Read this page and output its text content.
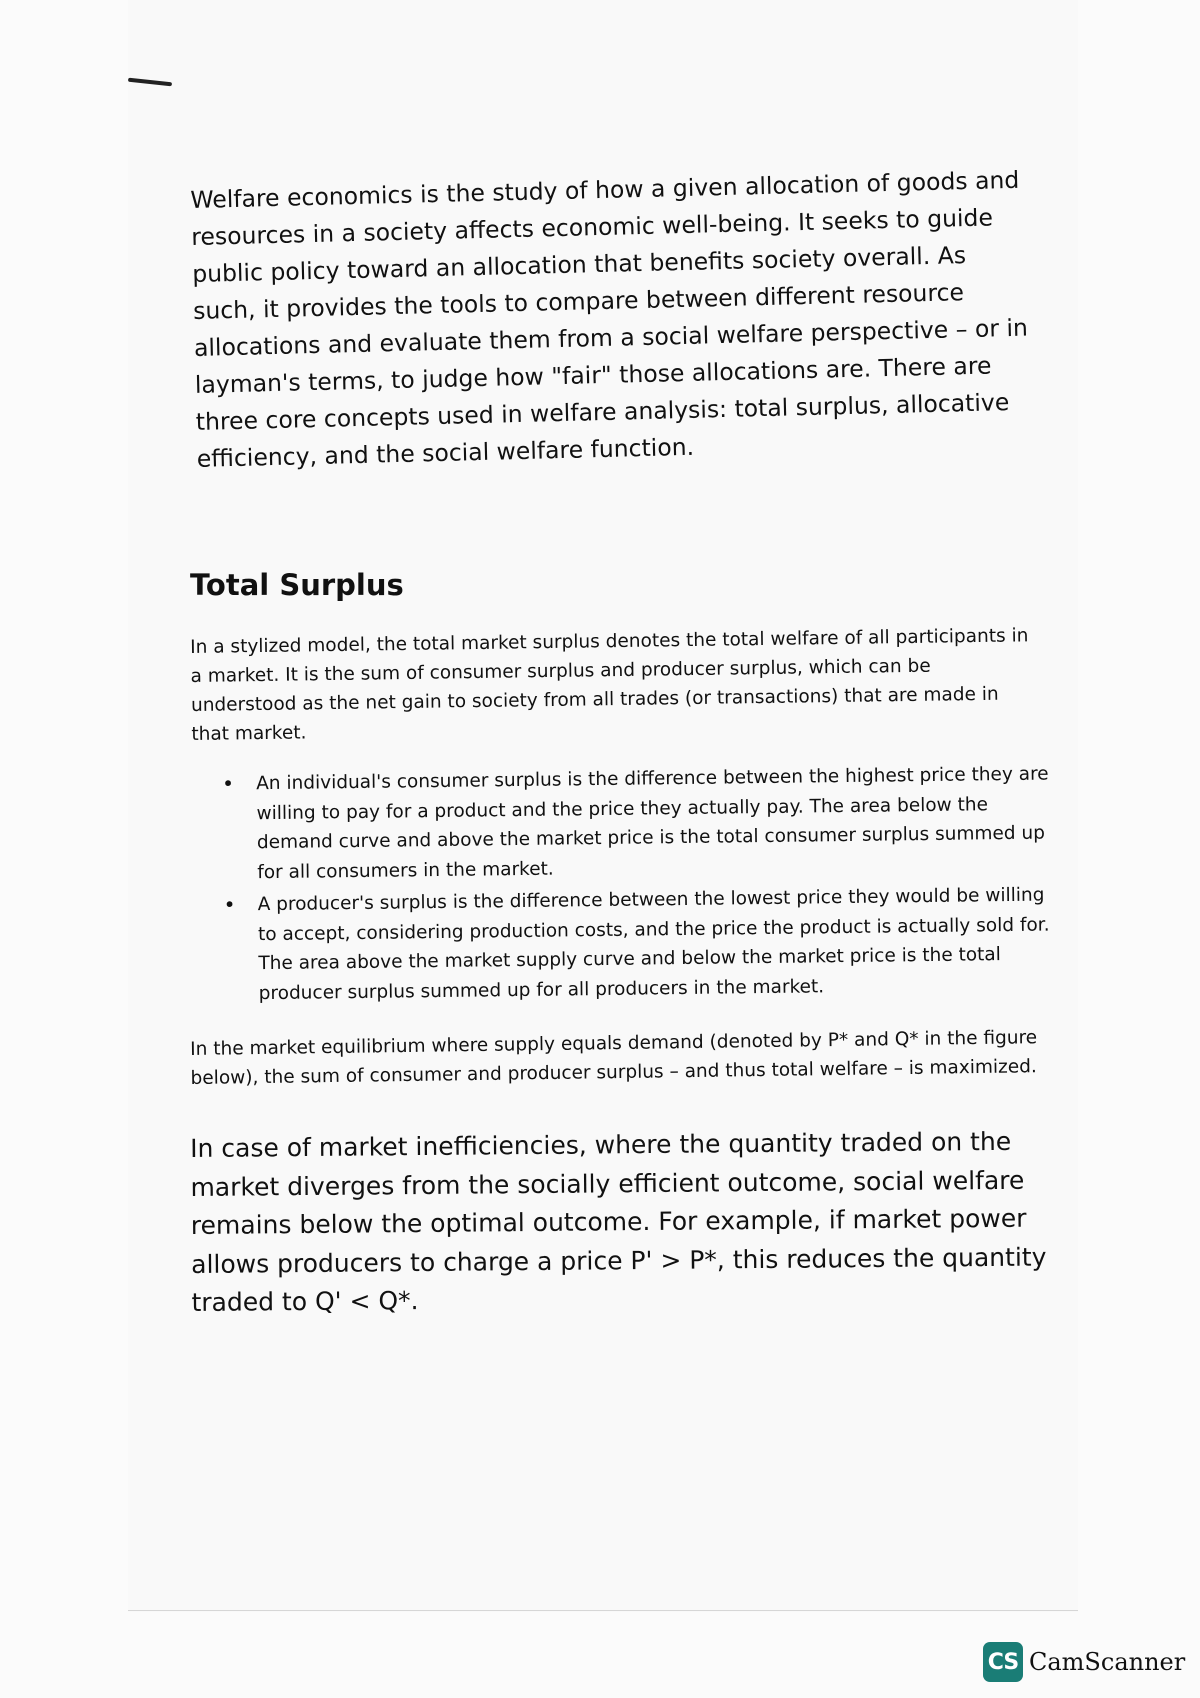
Welfare economics is the study of how a given allocation of goods and resources in a society affects economic well-being. It seeks to guide public policy toward an allocation that benefits society overall. As such, it provides the tools to compare between different resource allocations and evaluate them from a social welfare perspective – or in layman's terms, to judge how "fair" those allocations are. There are three core concepts used in welfare analysis: total surplus, allocative efficiency, and the social welfare function.

Total Surplus

In a stylized model, the total market surplus denotes the total welfare of all participants in a market. It is the sum of consumer surplus and producer surplus, which can be understood as the net gain to society from all trades (or transactions) that are made in that market.

• An individual's consumer surplus is the difference between the highest price they are willing to pay for a product and the price they actually pay. The area below the demand curve and above the market price is the total consumer surplus summed up for all consumers in the market.
• A producer's surplus is the difference between the lowest price they would be willing to accept, considering production costs, and the price the product is actually sold for. The area above the market supply curve and below the market price is the total producer surplus summed up for all producers in the market.

In the market equilibrium where supply equals demand (denoted by P* and Q* in the figure below), the sum of consumer and producer surplus – and thus total welfare – is maximized.

In case of market inefficiencies, where the quantity traded on the market diverges from the socially efficient outcome, social welfare remains below the optimal outcome. For example, if market power allows producers to charge a price P' > P*, this reduces the quantity traded to Q' < Q*.

CS CamScanner
